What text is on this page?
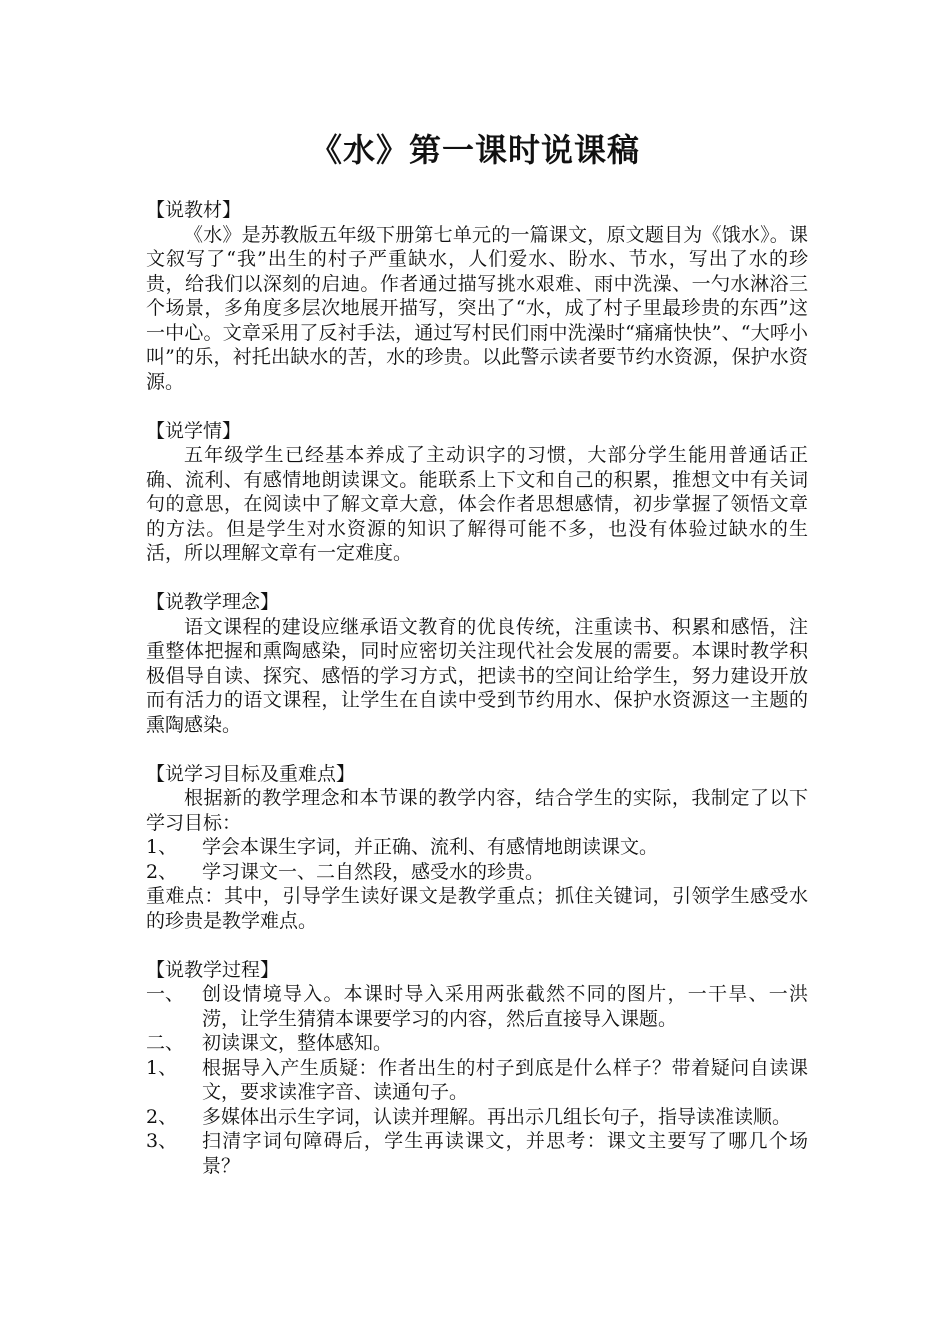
《水》第一课时说课稿

【说教材】

《水》是苏教版五年级下册第七单元的一篇课文，原文题目为《饿水》。课文叙写了“我”出生的村子严重缺水，人们爱水、盼水、节水，写出了水的珍贵，给我们以深刻的启迪。作者通过描写挑水艰难、雨中洗澡、一勺水淋浴三个场景，多角度多层次地展开描写，突出了“水，成了村子里最珍贵的东西”这一中心。文章采用了反衬手法，通过写村民们雨中洗澡时“痛痛快快”、“大呼小叫”的乐，衬托出缺水的苦，水的珍贵。以此警示读者要节约水资源，保护水资源。

【说学情】

五年级学生已经基本养成了主动识字的习惯，大部分学生能用普通话正确、流利、有感情地朗读课文。能联系上下文和自己的积累，推想文中有关词句的意思，在阅读中了解文章大意，体会作者思想感情，初步掌握了领悟文章的方法。但是学生对水资源的知识了解得可能不多，也没有体验过缺水的生活，所以理解文章有一定难度。

【说教学理念】

语文课程的建设应继承语文教育的优良传统，注重读书、积累和感悟，注重整体把握和熏陶感染，同时应密切关注现代社会发展的需要。本课时教学积极倡导自读、探究、感悟的学习方式，把读书的空间让给学生，努力建设开放而有活力的语文课程，让学生在自读中受到节约用水、保护水资源这一主题的熏陶感染。

【说学习目标及重难点】

根据新的教学理念和本节课的教学内容，结合学生的实际，我制定了以下学习目标：

1、	学会本课生字词，并正确、流利、有感情地朗读课文。
2、	学习课文一、二自然段，感受水的珍贵。

重难点：其中，引导学生读好课文是教学重点；抓住关键词，引领学生感受水的珍贵是教学难点。

【说教学过程】

一、 创设情境导入。本课时导入采用两张截然不同的图片，一干旱、一洪涝，让学生猜猜本课要学习的内容，然后直接导入课题。
二、 初读课文，整体感知。
1、	根据导入产生质疑：作者出生的村子到底是什么样子？带着疑问自读课文，要求读准字音、读通句子。
2、	多媒体出示生字词，认读并理解。再出示几组长句子，指导读准读顺。
3、	扫清字词句障碍后，学生再读课文，并思考：课文主要写了哪几个场景？
